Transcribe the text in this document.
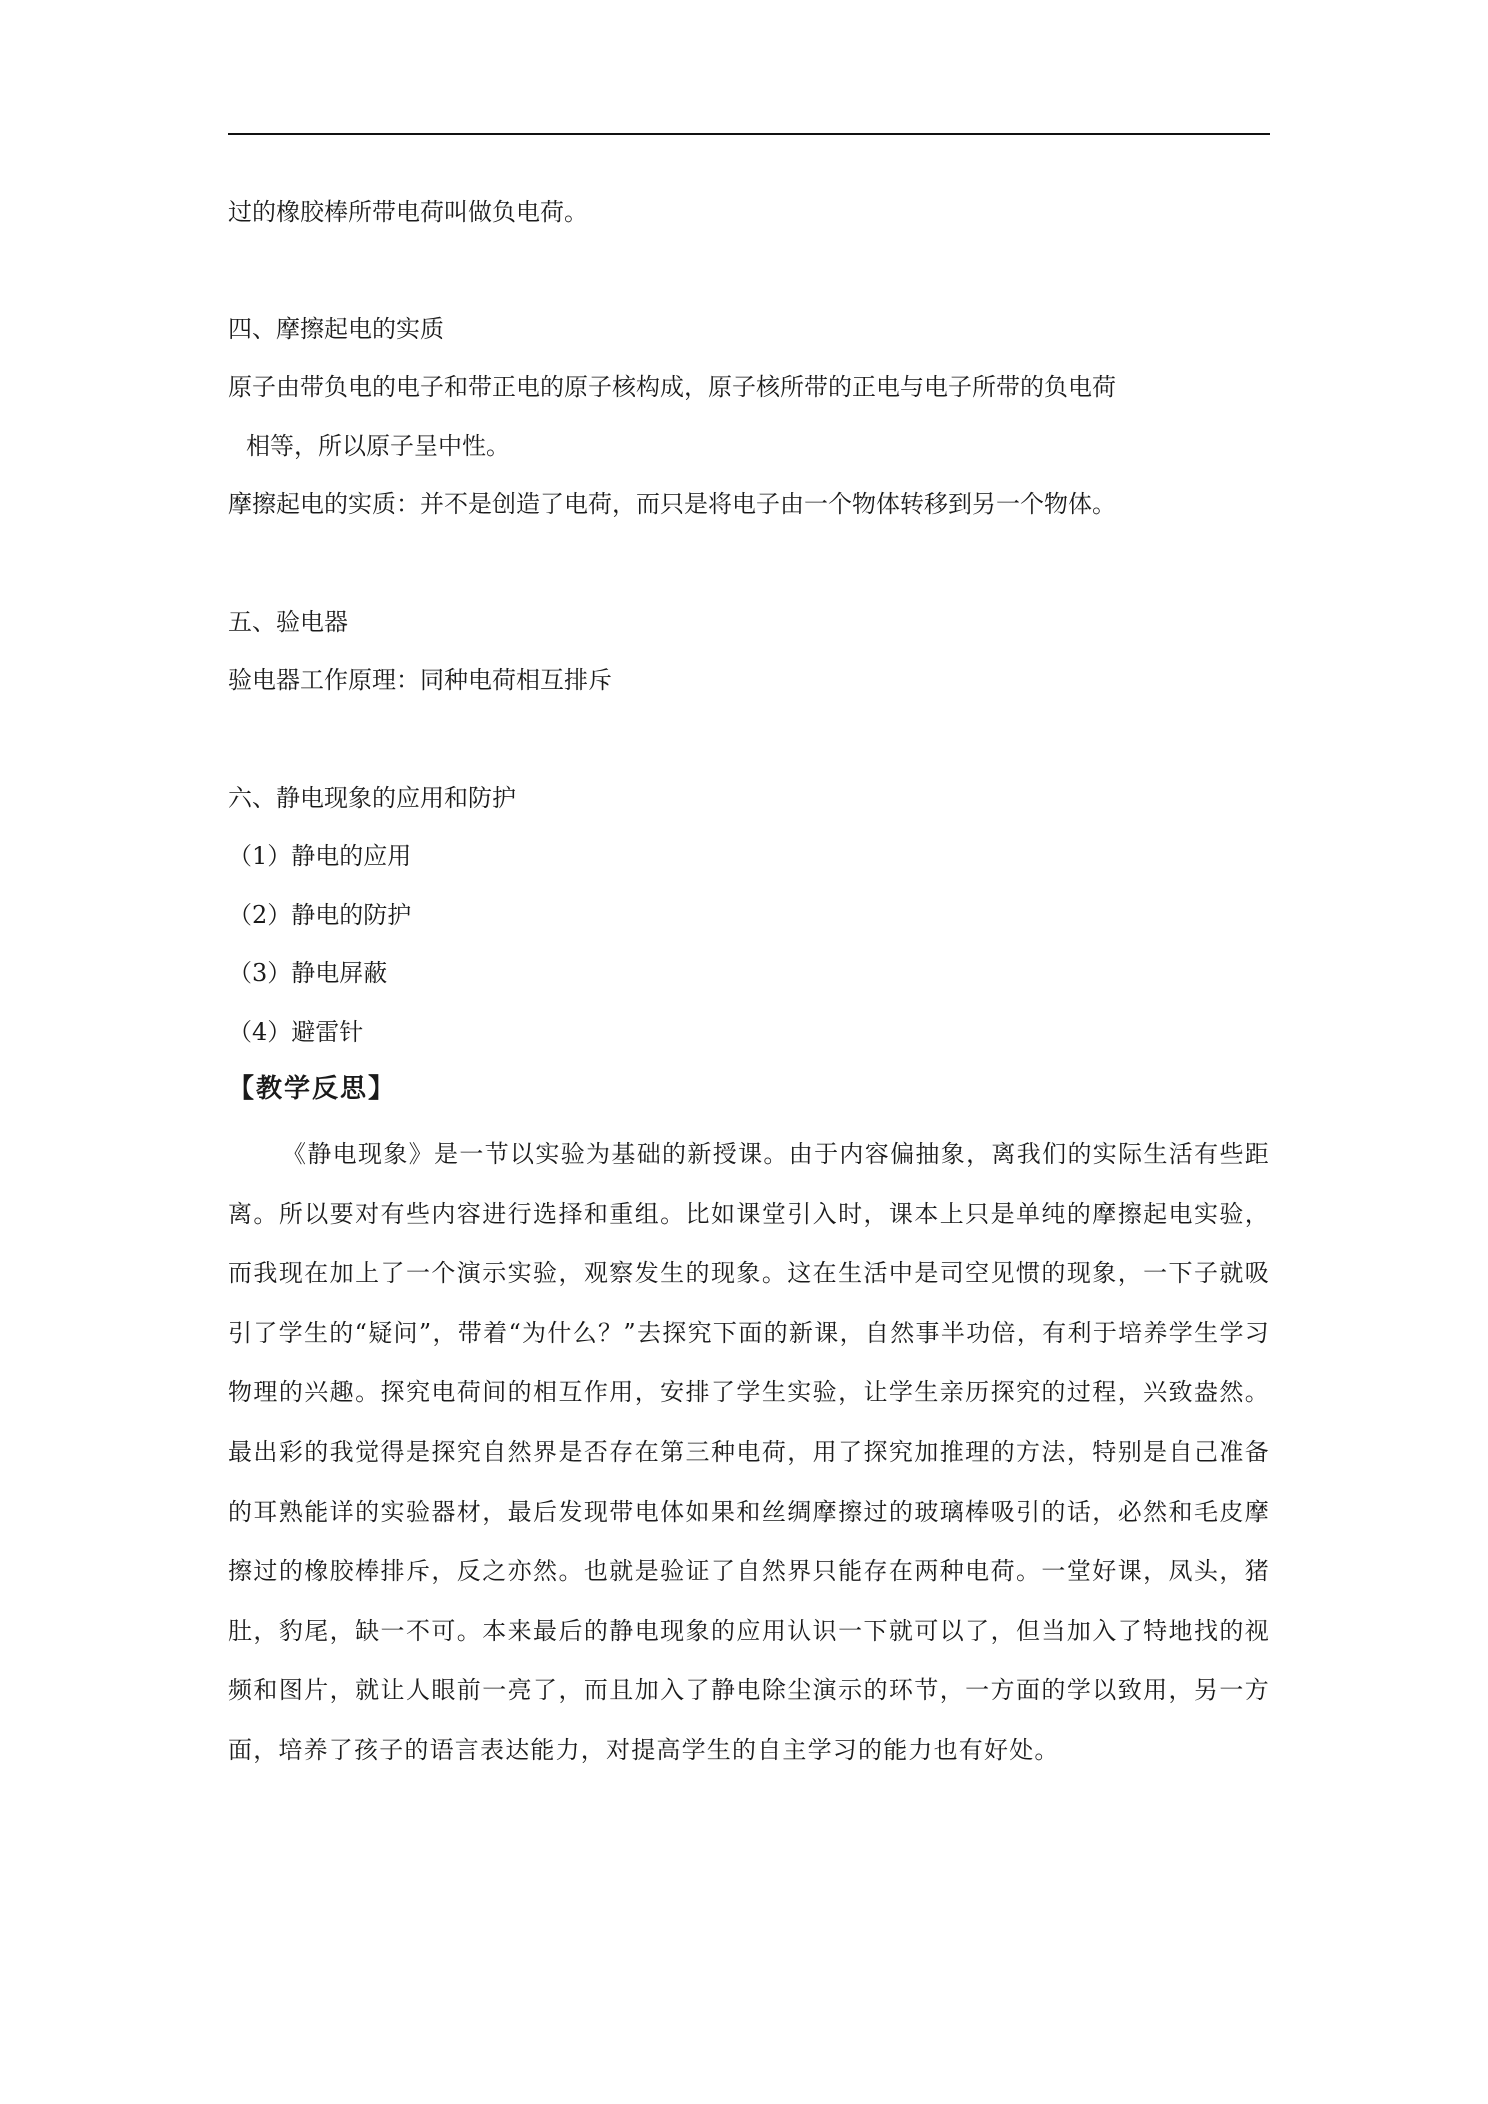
过的橡胶棒所带电荷叫做负电荷。
四、摩擦起电的实质
原子由带负电的电子和带正电的原子核构成，原子核所带的正电与电子所带的负电荷
相等，所以原子呈中性。
摩擦起电的实质：并不是创造了电荷，而只是将电子由一个物体转移到另一个物体。
五、验电器
验电器工作原理：同种电荷相互排斥
六、静电现象的应用和防护
（1）静电的应用
（2）静电的防护
（3）静电屏蔽
（4）避雷针
【教学反思】
《静电现象》是一节以实验为基础的新授课。由于内容偏抽象，离我们的实际生活有些距离。所以要对有些内容进行选择和重组。比如课堂引入时，课本上只是单纯的摩擦起电实验，而我现在加上了一个演示实验，观察发生的现象。这在生活中是司空见惯的现象，一下子就吸引了学生的“疑问”，带着“为什么？”去探究下面的新课，自然事半功倍，有利于培养学生学习物理的兴趣。探究电荷间的相互作用，安排了学生实验，让学生亲历探究的过程，兴致盎然。最出彩的我觉得是探究自然界是否存在第三种电荷，用了探究加推理的方法，特别是自己准备的耳熟能详的实验器材，最后发现带电体如果和丝绸摩擦过的玻璃棒吸引的话，必然和毛皮摩擦过的橡胶棒排斥，反之亦然。也就是验证了自然界只能存在两种电荷。一堂好课，凤头，猪肚，豹尾，缺一不可。本来最后的静电现象的应用认识一下就可以了，但当加入了特地找的视频和图片，就让人眼前一亮了，而且加入了静电除尘演示的环节，一方面的学以致用，另一方面，培养了孩子的语言表达能力，对提高学生的自主学习的能力也有好处。
